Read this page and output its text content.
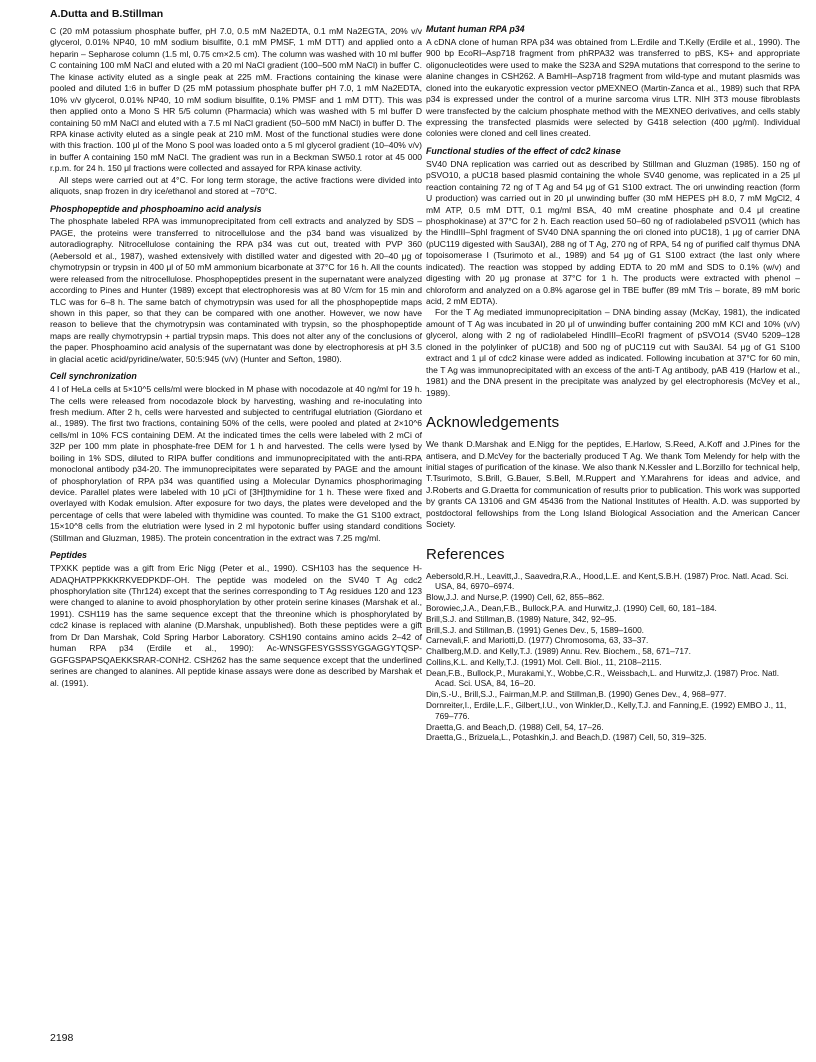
A.Dutta and B.Stillman

C (20 mM potassium phosphate buffer, pH 7.0, 0.5 mM Na2EDTA, 0.1 mM Na2EGTA, 20% v/v glycerol, 0.01% NP40, 10 mM sodium bisulfite, 0.1 mM PMSF, 1 mM DTT) and applied onto a heparin – Sepharose column (1.5 ml, 0.75 cm×2.5 cm). The column was washed with 10 ml buffer C containing 100 mM NaCl and eluted with a 20 ml NaCl gradient (100–500 mM NaCl) in buffer C. The kinase activity eluted as a single peak at 225 mM. Fractions containing the kinase were pooled and diluted 1:6 in buffer D (25 mM potassium phosphate buffer pH 7.0, 1 mM Na2EDTA, 10% v/v glycerol, 0.01% NP40, 10 mM sodium bisulfite, 0.1% PMSF and 1 mM DTT). This was then applied onto a Mono S HR 5/5 column (Pharmacia) which was washed with 5 ml buffer D containing 50 mM NaCl and eluted with a 7.5 ml NaCl gradient (50–500 mM NaCl) in buffer D. The RPA kinase activity eluted as a single peak at 210 mM. Most of the functional studies were done with this fraction. 100 μl of the Mono S pool was loaded onto a 5 ml glycerol gradient (10–40% v/v) in buffer A containing 150 mM NaCl. The gradient was run in a Beckman SW50.1 rotor at 45 000 r.p.m. for 24 h. 150 μl fractions were collected and assayed for RPA kinase activity.

All steps were carried out at 4°C. For long term storage, the active fractions were divided into aliquots, snap frozen in dry ice/ethanol and stored at −70°C.

Phosphopeptide and phosphoamino acid analysis

The phosphate labeled RPA was immunoprecipitated from cell extracts and analyzed by SDS – PAGE, the proteins were transferred to nitrocellulose and the p34 band was visualized by autoradiography. Nitrocellulose containing the RPA p34 was cut out, treated with PVP 360 (Aebersold et al., 1987), washed extensively with distilled water and digested with 20–40 μg of chymotrypsin or trypsin in 400 μl of 50 mM ammonium bicarbonate at 37°C for 16 h. All the counts were released from the nitrocellulose. Phosphopeptides present in the supernatant were analyzed according to Pines and Hunter (1989) except that electrophoresis was at 80 V/cm for 15 min and TLC was for 6–8 h. The same batch of chymotrypsin was used for all the phosphopeptide maps shown in this paper, so that they can be compared with one another. However, we now have reason to believe that the chymotrypsin was contaminated with trypsin, so the phosphopeptide maps are really chymotrypsin + partial trypsin maps. This does not alter any of the conclusions of the paper. Phosphoamino acid analysis of the supernatant was done by electrophoresis at pH 3.5 in glacial acetic acid/pyridine/water, 50:5:945 (v/v) (Hunter and Sefton, 1980).

Cell synchronization

4 l of HeLa cells at 5×10^5 cells/ml were blocked in M phase with nocodazole at 40 ng/ml for 19 h. The cells were released from nocodazole block by harvesting, washing and re-inoculating into fresh medium. After 2 h, cells were harvested and subjected to centrifugal elutriation (Giordano et al., 1989). The first two fractions, containing 50% of the cells, were pooled and plated at 2×10^6 cells/ml in 10% FCS containing DEM. At the indicated times the cells were labeled with 2 mCi of 32P per 100 mm plate in phosphate-free DEM for 1 h and harvested. The cells were lysed by boiling in 1% SDS, diluted to RIPA buffer conditions and immunoprecipitated with the anti-RPA monoclonal antibody p34-20. The immunoprecipitates were separated by PAGE and the amount of phosphorylation of RPA p34 was quantified using a Molecular Dynamics phosphorimaging device. Parallel plates were labeled with 10 μCi of [3H]thymidine for 1 h. These were fixed and overlayed with Kodak emulsion. After exposure for two days, the plates were developed and the percentage of cells that were labeled with thymidine was counted. To make the G1 S100 extract, 15×10^8 cells from the elutriation were lysed in 2 ml hypotonic buffer using standard conditions (Stillman and Gluzman, 1985). The protein concentration in the extract was 7.25 mg/ml.

Peptides

TPXKK peptide was a gift from Eric Nigg (Peter et al., 1990). CSH103 has the sequence H-ADAQHATPPKKKRKVEDPKDF-OH. The peptide was modeled on the SV40 T Ag cdc2 phosphorylation site (Thr124) except that the serines corresponding to T Ag residues 120 and 123 were changed to alanine to avoid phosphorylation by other protein serine kinases (Marshak et al., 1991). CSH119 has the same sequence except that the threonine which is phosphorylated by cdc2 kinase is replaced with alanine (D.Marshak, unpublished). Both these peptides were a gift from Dr Dan Marshak, Cold Spring Harbor Laboratory. CSH190 contains amino acids 2–42 of human RPA p34 (Erdile et al., 1990): Ac-WNSGFESYGSSSYGGAGGYTQSP-GGFGSPAPSQAEKKSRAR-CONH2. CSH262 has the same sequence except that the underlined serines are changed to alanines. All peptide kinase assays were done as described by Marshak et al. (1991).

Mutant human RPA p34

A cDNA clone of human RPA p34 was obtained from L.Erdile and T.Kelly (Erdile et al., 1990). The 900 bp EcoRI–Asp718 fragment from phRPA32 was transferred to pBS, KS+ and appropriate oligonucleotides were used to make the S23A and S29A mutations that correspond to the serine to alanine changes in CSH262. A BamHI–Asp718 fragment from wild-type and mutant plasmids was cloned into the eukaryotic expression vector pMEXNEO (Martin-Zanca et al., 1989) such that RPA p34 is expressed under the control of a murine sarcoma virus LTR. NIH 3T3 mouse fibroblasts were transfected by the calcium phosphate method with the MEXNEO derivatives, and cells stably expressing the transfected plasmids were selected by G418 selection (400 μg/ml). Individual colonies were cloned and cell lines created.

Functional studies of the effect of cdc2 kinase

SV40 DNA replication was carried out as described by Stillman and Gluzman (1985). 150 ng of pSVO10, a pUC18 based plasmid containing the whole SV40 genome, was replicated in a 25 μl reaction containing 72 ng of T Ag and 54 μg of G1 S100 extract. The ori unwinding reaction (form U production) was carried out in 20 μl unwinding buffer (30 mM HEPES pH 8.0, 7 mM MgCl2, 4 mM ATP, 0.5 mM DTT, 0.1 mg/ml BSA, 40 mM creatine phosphate and 0.4 μl creatine phosphokinase) at 37°C for 2 h. Each reaction used 50–60 ng of radiolabeled pSVO11 (which has the HindIII–SphI fragment of SV40 DNA spanning the ori cloned into pUC18), 1 μg of carrier DNA (pUC119 digested with Sau3AI), 288 ng of T Ag, 270 ng of RPA, 54 ng of purified calf thymus DNA topoisomerase I (Tsurimoto et al., 1989) and 54 μg of G1 S100 extract (the last only where indicated). The reaction was stopped by adding EDTA to 20 mM and SDS to 0.1% (w/v) and digesting with 20 μg pronase at 37°C for 1 h. The products were extracted with phenol – chloroform and analyzed on a 0.8% agarose gel in TBE buffer (89 mM Tris – borate, 89 mM boric acid, 2 mM EDTA).

For the T Ag mediated immunoprecipitation – DNA binding assay (McKay, 1981), the indicated amount of T Ag was incubated in 20 μl of unwinding buffer containing 200 mM KCl and 10% (v/v) glycerol, along with 2 ng of radiolabeled HindIII–EcoRI fragment of pSVO14 (SV40 5209–128 cloned in the polylinker of pUC18) and 500 ng of pUC119 cut with Sau3AI. 54 μg of G1 S100 extract and 1 μl of cdc2 kinase were added as indicated. Following incubation at 37°C for 60 min, the T Ag was immunoprecipitated with an excess of the anti-T Ag antibody, pAB 419 (Harlow et al., 1981) and the DNA present in the precipitate was analyzed by gel electrophoresis (McVey et al., 1989).

Acknowledgements

We thank D.Marshak and E.Nigg for the peptides, E.Harlow, S.Reed, A.Koff and J.Pines for the antisera, and D.McVey for the bacterially produced T Ag. We thank Tom Melendy for help with the initial stages of purification of the kinase. We also thank N.Kessler and L.Borzillo for technical help, T.Tsurimoto, S.Brill, G.Bauer, S.Bell, M.Ruppert and Y.Marahrens for ideas and advice, and J.Roberts and G.Draetta for communication of results prior to publication. This work was supported by grants CA 13106 and GM 45436 from the National Institutes of Health. A.D. was supported by postdoctoral fellowships from the Long Island Biological Association and the American Cancer Society.

References
Aebersold,R.H., Leavitt,J., Saavedra,R.A., Hood,L.E. and Kent,S.B.H. (1987) Proc. Natl. Acad. Sci. USA, 84, 6970–6974.
Blow,J.J. and Nurse,P. (1990) Cell, 62, 855–862.
Borowiec,J.A., Dean,F.B., Bullock,P.A. and Hurwitz,J. (1990) Cell, 60, 181–184.
Brill,S.J. and Stillman,B. (1989) Nature, 342, 92–95.
Brill,S.J. and Stillman,B. (1991) Genes Dev., 5, 1589–1600.
Carnevali,F. and Mariotti,D. (1977) Chromosoma, 63, 33–37.
Challberg,M.D. and Kelly,T.J. (1989) Annu. Rev. Biochem., 58, 671–717.
Collins,K.L. and Kelly,T.J. (1991) Mol. Cell. Biol., 11, 2108–2115.
Dean,F.B., Bullock,P., Murakami,Y., Wobbe,C.R., Weissbach,L. and Hurwitz,J. (1987) Proc. Natl. Acad. Sci. USA, 84, 16–20.
Din,S.-U., Brill,S.J., Fairman,M.P. and Stillman,B. (1990) Genes Dev., 4, 968–977.
Dornreiter,I., Erdile,L.F., Gilbert,I.U., von Winkler,D., Kelly,T.J. and Fanning,E. (1992) EMBO J., 11, 769–776.
Draetta,G. and Beach,D. (1988) Cell, 54, 17–26.
Draetta,G., Brizuela,L., Potashkin,J. and Beach,D. (1987) Cell, 50, 319–325.
2198
